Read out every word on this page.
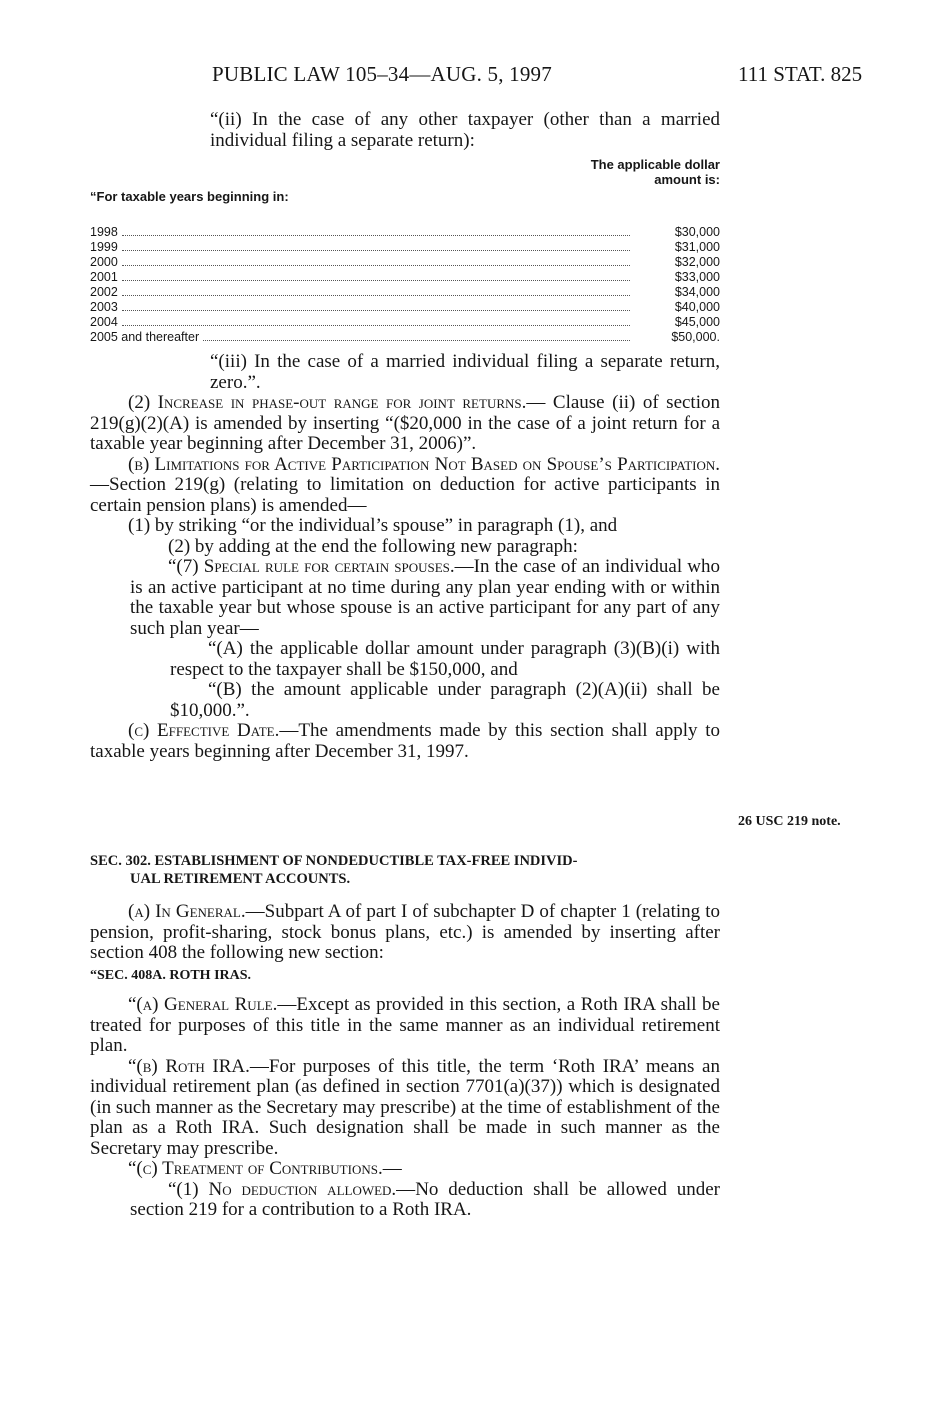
PUBLIC LAW 105–34—AUG. 5, 1997	111 STAT. 825

“(ii) In the case of any other taxpayer (other than a married individual filing a separate return):

“For taxable years beginning in:
The applicable dollar amount is:
1998	$30,000
1999	$31,000
2000	$32,000
2001	$33,000
2002	$34,000
2003	$40,000
2004	$45,000
2005 and thereafter	$50,000.

“(iii) In the case of a married individual filing a separate return, zero.”.

(2) Increase in phase-out range for joint returns.— Clause (ii) of section 219(g)(2)(A) is amended by inserting “($20,000 in the case of a joint return for a taxable year beginning after December 31, 2006)”.

(b) Limitations for Active Participation Not Based on Spouse’s Participation.—Section 219(g) (relating to limitation on deduction for active participants in certain pension plans) is amended—

(1) by striking “or the individual’s spouse” in paragraph (1), and

(2) by adding at the end the following new paragraph:

“(7) Special rule for certain spouses.—In the case of an individual who is an active participant at no time during any plan year ending with or within the taxable year but whose spouse is an active participant for any part of any such plan year—

“(A) the applicable dollar amount under paragraph (3)(B)(i) with respect to the taxpayer shall be $150,000, and

“(B) the amount applicable under paragraph (2)(A)(ii) shall be $10,000.”.

(c) Effective Date.—The amendments made by this section shall apply to taxable years beginning after December 31, 1997.

26 USC 219 note.
SEC. 302. ESTABLISHMENT OF NONDEDUCTIBLE TAX-FREE INDIVID-
UAL RETIREMENT ACCOUNTS.

(a) In General.—Subpart A of part I of subchapter D of chapter 1 (relating to pension, profit-sharing, stock bonus plans, etc.) is amended by inserting after section 408 the following new section:

“SEC. 408A. ROTH IRAS.

“(a) General Rule.—Except as provided in this section, a Roth IRA shall be treated for purposes of this title in the same manner as an individual retirement plan.

“(b) Roth IRA.—For purposes of this title, the term ‘Roth IRA’ means an individual retirement plan (as defined in section 7701(a)(37)) which is designated (in such manner as the Secretary may prescribe) at the time of establishment of the plan as a Roth IRA. Such designation shall be made in such manner as the Secretary may prescribe.

“(c) Treatment of Contributions.—

“(1) No deduction allowed.—No deduction shall be allowed under section 219 for a contribution to a Roth IRA.
